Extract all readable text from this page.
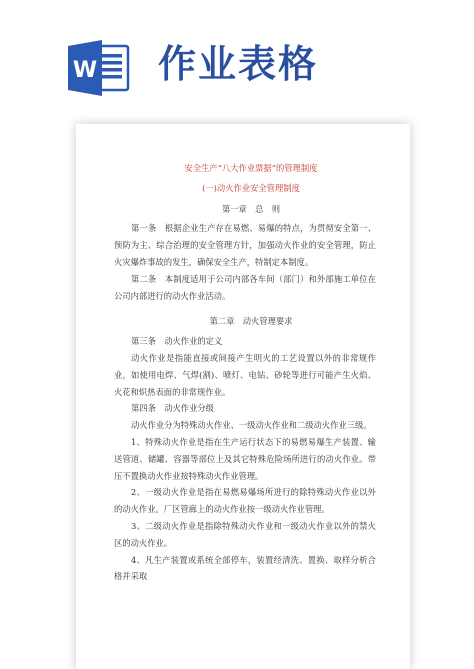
W 作业表格

安全生产“八大作业票据”的管理制度

(一)动火作业安全管理制度

第一章　总　则

第一条　根据企业生产存在易燃、易爆的特点，为贯彻安全第一、预防为主、综合治理的安全管理方针，加强动火作业的安全管理，防止火灾爆炸事故的发生，确保安全生产，特制定本制度。

第二条　本制度适用于公司内部各车间（部门）和外部施工单位在公司内部进行的动火作业活动。

第二章　动火管理要求

第三条　动火作业的定义

动火作业是指能直接或间接产生明火的工艺设置以外的非常规作业，如使用电焊、气焊(割)、喷灯、电钻、砂轮等进行可能产生火焰、火花和炽热表面的非常规作业。

第四条　动火作业分级

动火作业分为特殊动火作业、一级动火作业和二级动火作业三级。

1、特殊动火作业是指在生产运行状态下的易燃易爆生产装置、输送管道、储罐、容器等部位上及其它特殊危险场所进行的动火作业。带压不置换动火作业按特殊动火作业管理。

2、一级动火作业是指在易燃易爆场所进行的除特殊动火作业以外的动火作业。厂区管廊上的动火作业按一级动火作业管理。

3、二级动火作业是指除特殊动火作业和一级动火作业以外的禁火区的动火作业。

4、凡生产装置或系统全部停车，装置经清洗、置换、取样分析合格并采取
